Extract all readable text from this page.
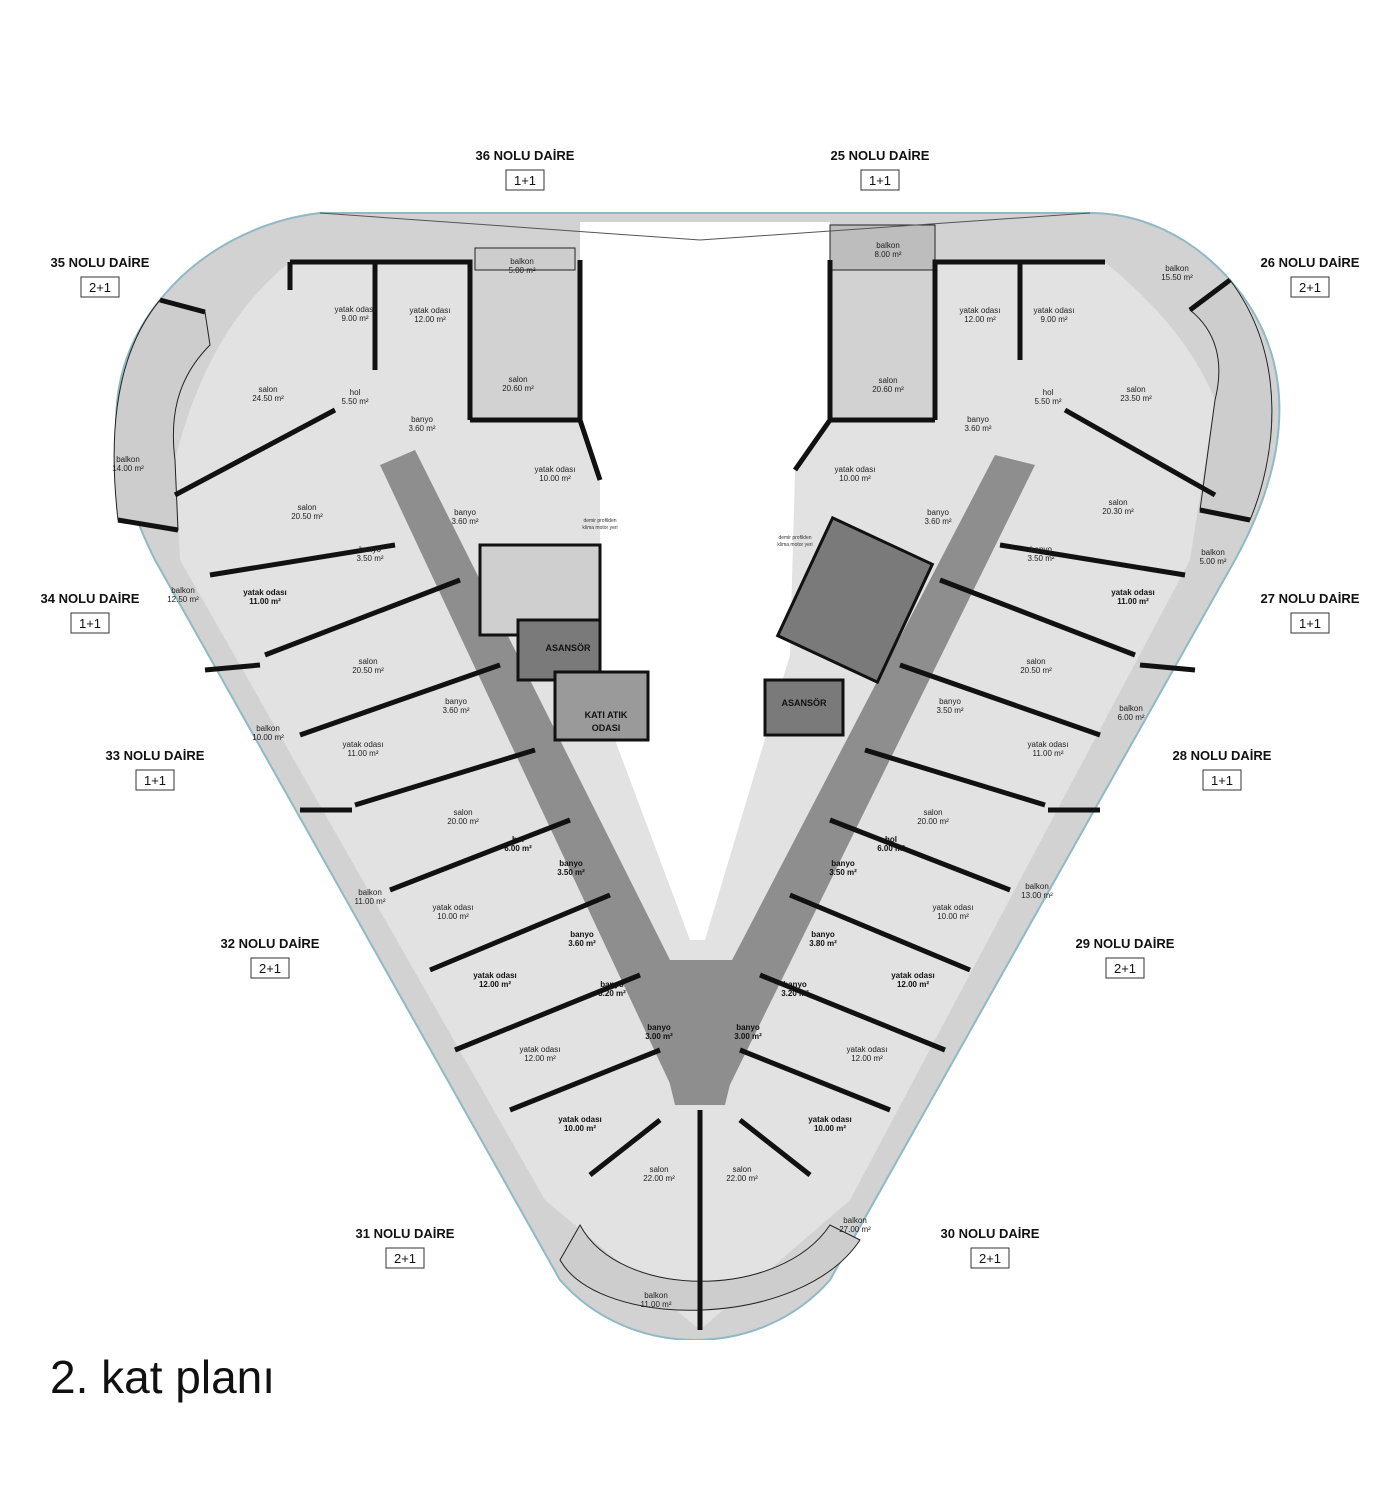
36 NOLU DAİRE
1+1
25 NOLU DAİRE
1+1
35 NOLU DAİRE
2+1
26 NOLU DAİRE
2+1
34 NOLU DAİRE
1+1
27 NOLU DAİRE
1+1
33 NOLU DAİRE
1+1
28 NOLU DAİRE
1+1
32 NOLU DAİRE
2+1
29 NOLU DAİRE
2+1
31 NOLU DAİRE
2+1
30 NOLU DAİRE
2+1
yatak odası
9.00 m²
yatak odası
12.00 m²
balkon
5.00 m²
salon
24.50 m²
hol
5.50 m²
banyo
3.60 m²
salon
20.60 m²
balkon
14.00 m²	yatak odası
10.00 m²
banyo
3.60 m²
salon
20.50 m²
banyo
3.50 m²
balkon
12.50 m²
yatak odası
11.00 m²
salon
20.50 m²
banyo
3.60 m²
balkon
10.00 m²
yatak odası
11.00 m²
salon
20.00 m²
hol
6.00 m²
banyo
3.50 m²
balkon
11.00 m²
yatak odası
10.00 m²
banyo
3.60 m²
yatak odası
12.00 m²	banyo
3.20 m²
banyo
3.00 m²
yatak odası
12.00 m²
yatak odası
10.00 m²
salon
22.00 m²
balkon
11.00 m²
balkon
8.00 m²
yatak odası
12.00 m²
yatak odası
9.00 m²
balkon
15.50 m²
salon
20.60 m²	hol
5.50 m²
banyo
3.60 m²
salon
23.50 m²
yatak odası
10.00 m²
banyo
3.60 m²
salon
20.30 m²
banyo
3.50 m²
balkon
5.00 m²
yatak odası
11.00 m²
salon
20.50 m²
banyo
3.50 m²	balkon
6.00 m²
yatak odası
11.00 m²
salon
20.00 m²
hol
6.00 m²
banyo
3.50 m²
balkon
13.00 m²
yatak odası
10.00 m²
banyo
3.80 m²
yatak odası
12.00 m²
banyo
3.20 m²
banyo
3.00 m²
yatak odası
12.00 m²
yatak odası
10.00 m²
salon
22.00 m²
balkon
27.00 m²
ASANSÖR
ASANSÖR
KATI ATIK
ODASI
demir profilden
klima motor yeri
demir profilden
klima motor yeri
2. kat planı
